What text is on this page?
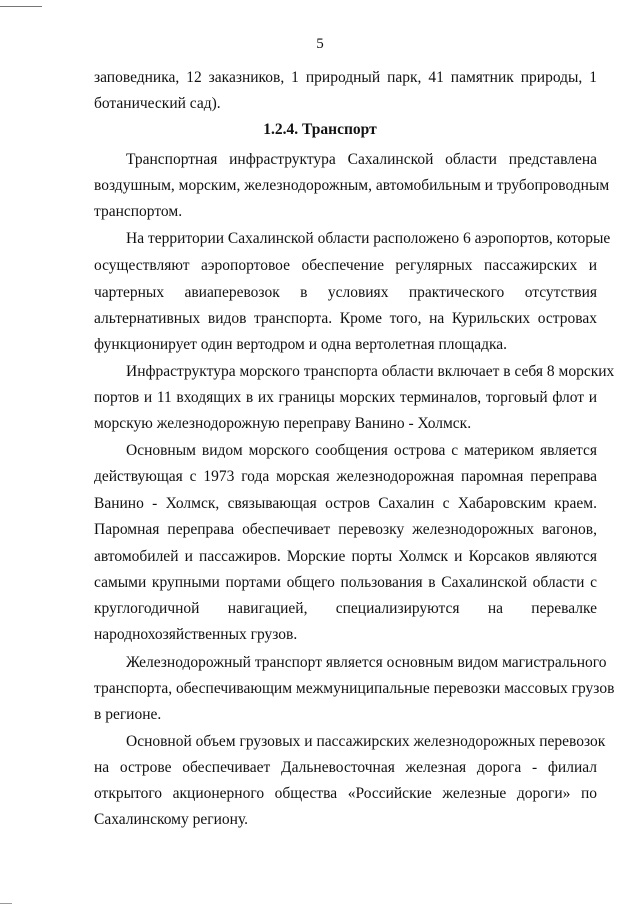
5
заповедника, 12 заказников, 1 природный парк, 41 памятник природы, 1
ботанический сад).
1.2.4. Транспорт
Транспортная инфраструктура Сахалинской области представлена
воздушным, морским, железнодорожным, автомобильным и трубопроводным
транспортом.
На территории Сахалинской области расположено 6 аэропортов, которые
осуществляют аэропортовое обеспечение регулярных пассажирских и
чартерных авиаперевозок в условиях практического отсутствия
альтернативных видов транспорта. Кроме того, на Курильских островах
функционирует один вертодром и одна вертолетная площадка.
Инфраструктура морского транспорта области включает в себя 8 морских
портов и 11 входящих в их границы морских терминалов, торговый флот и
морскую железнодорожную переправу Ванино - Холмск.
Основным видом морского сообщения острова с материком является
действующая с 1973 года морская железнодорожная паромная переправа
Ванино - Холмск, связывающая остров Сахалин с Хабаровским краем.
Паромная переправа обеспечивает перевозку железнодорожных вагонов,
автомобилей и пассажиров. Морские порты Холмск и Корсаков являются
самыми крупными портами общего пользования в Сахалинской области с
круглогодичной навигацией, специализируются на перевалке
народнохозяйственных грузов.
Железнодорожный транспорт является основным видом магистрального
транспорта, обеспечивающим межмуниципальные перевозки массовых грузов
в регионе.
Основной объем грузовых и пассажирских железнодорожных перевозок
на острове обеспечивает Дальневосточная железная дорога - филиал
открытого акционерного общества «Российские железные дороги» по
Сахалинскому региону.
